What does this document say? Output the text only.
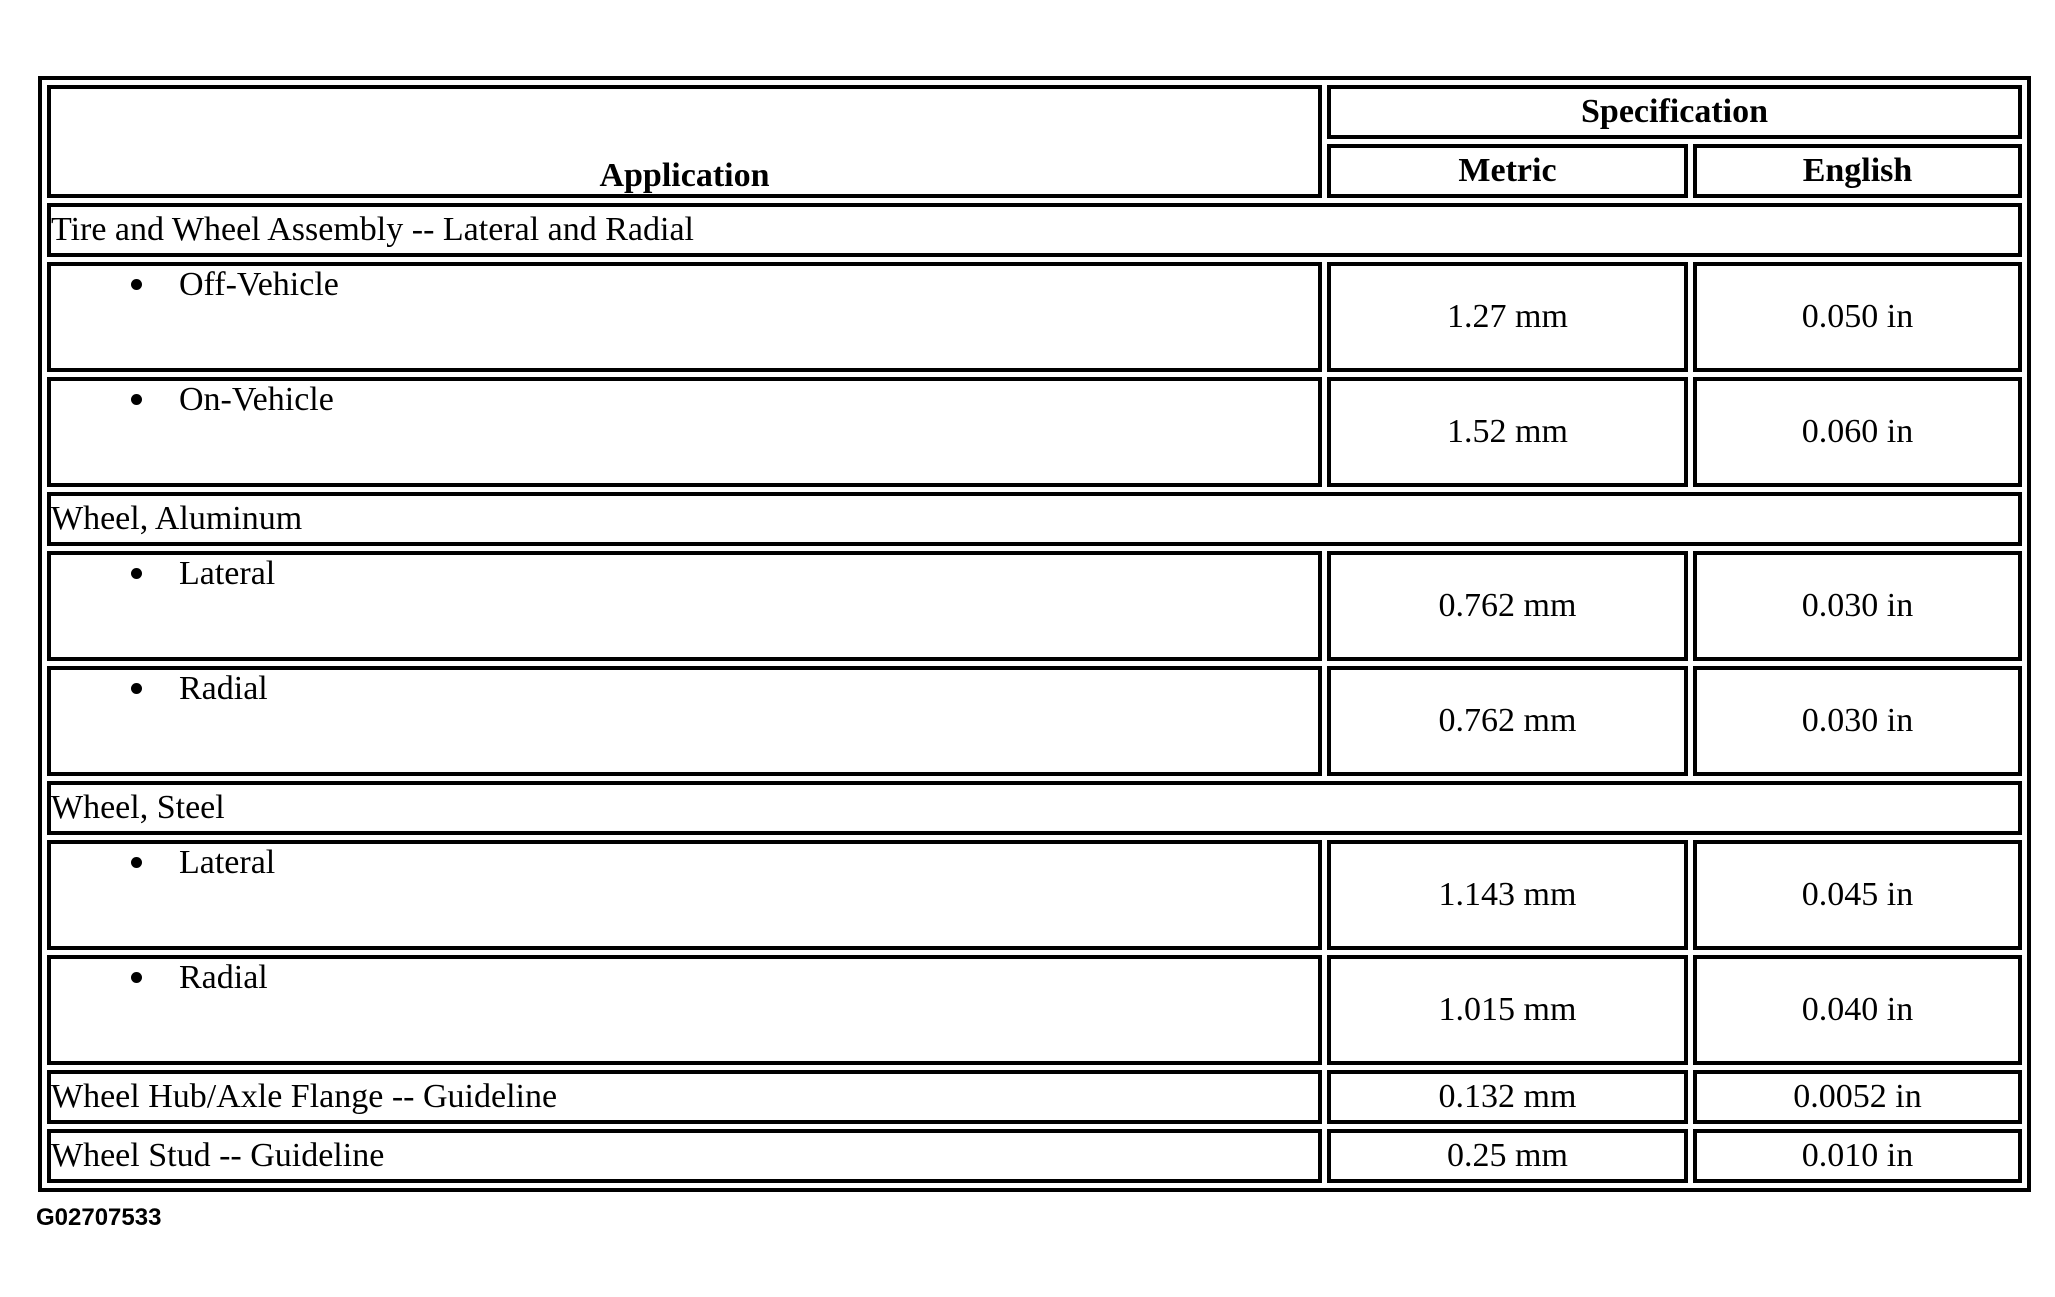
Application	Specification	
	Metric	English
Tire and Wheel Assembly -- Lateral and Radial		
Off-Vehicle	1.27 mm	0.050 in
On-Vehicle	1.52 mm	0.060 in
Wheel, Aluminum		
Lateral	0.762 mm	0.030 in
Radial	0.762 mm	0.030 in
Wheel, Steel		
Lateral	1.143 mm	0.045 in
Radial	1.015 mm	0.040 in
Wheel Hub/Axle Flange -- Guideline	0.132 mm	0.0052 in
Wheel Stud -- Guideline	0.25 mm	0.010 in
G02707533
